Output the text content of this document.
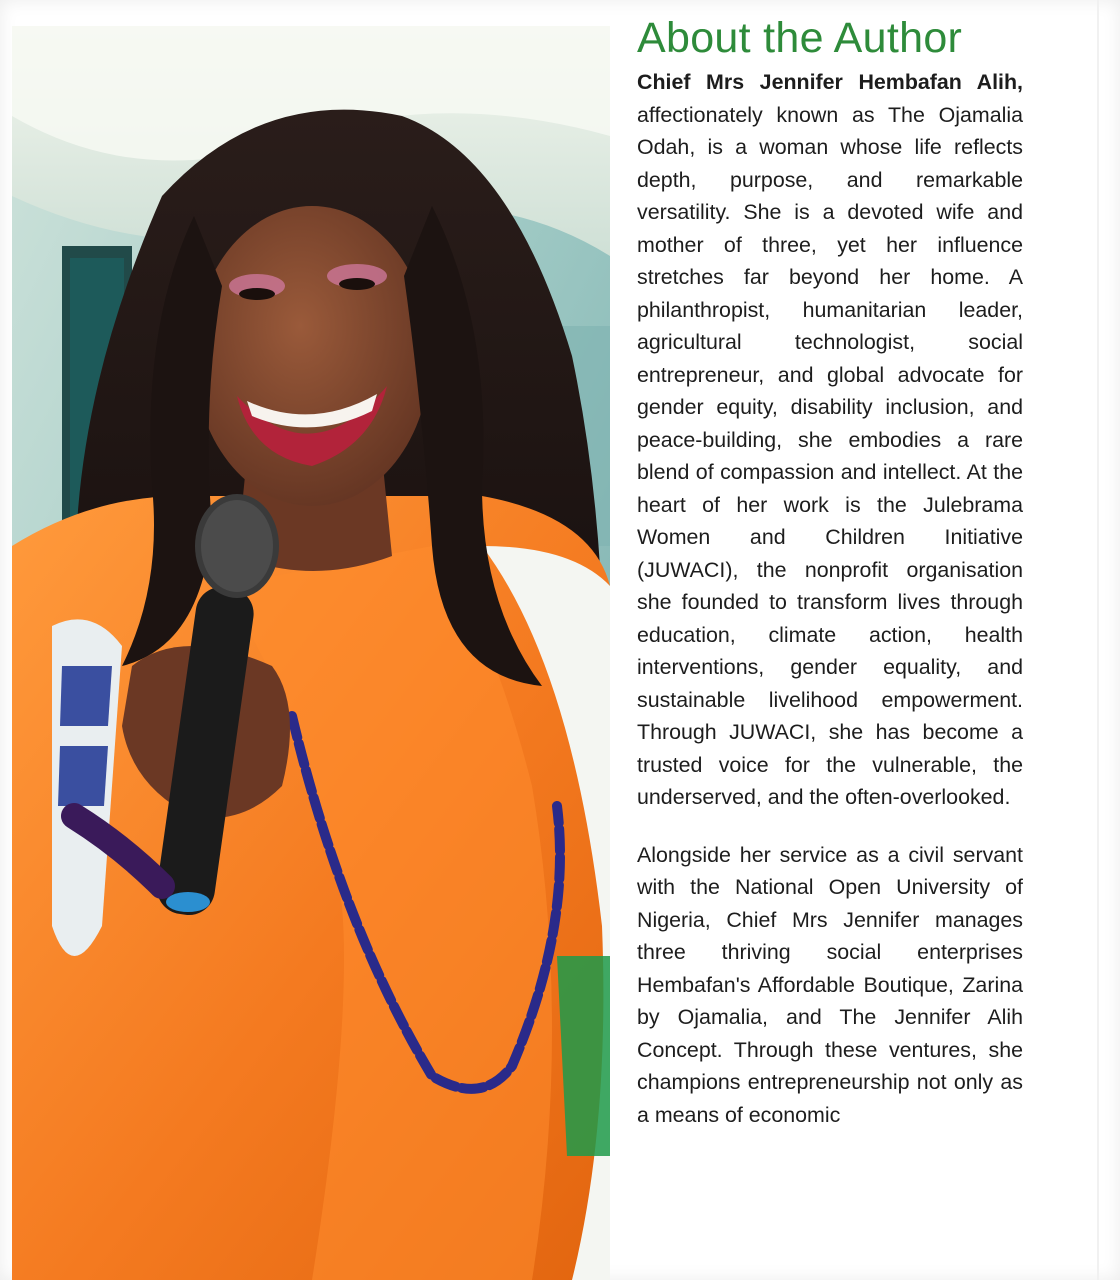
About the Author

Chief Mrs Jennifer Hembafan Alih, affectionately known as The Ojamalia Odah, is a woman whose life reflects depth, purpose, and remarkable versatility. She is a devoted wife and mother of three, yet her influence stretches far beyond her home. A philanthropist, humanitarian leader, agricultural technologist, social entrepreneur, and global advocate for gender equity, disability inclusion, and peace-building, she embodies a rare blend of compassion and intellect. At the heart of her work is the Julebrama Women and Children Initiative (JUWACI), the nonprofit organisation she founded to transform lives through education, climate action, health interventions, gender equality, and sustainable livelihood empowerment. Through JUWACI, she has become a trusted voice for the vulnerable, the underserved, and the often-overlooked.

Alongside her service as a civil servant with the National Open University of Nigeria, Chief Mrs Jennifer manages three thriving social enterprises Hembafan's Affordable Boutique, Zarina by Ojamalia, and The Jennifer Alih Concept. Through these ventures, she champions entrepreneurship not only as a means of economic
